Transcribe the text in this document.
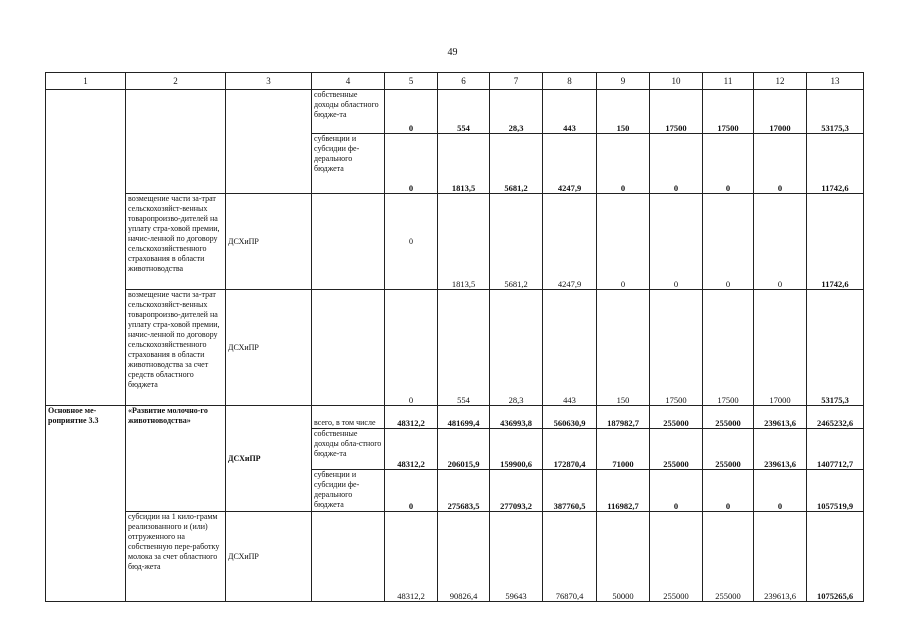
49
1	2	3	4	5	6	7	8	9	10	11	12	13
			собственные доходы областного бюдже-та	0	554	28,3	443	150	17500	17500	17000	53175,3
			субвенции и субсидии фе-дерального бюджета	0	1813,5	5681,2	4247,9	0	0	0	0	11742,6
	возмещение части за-трат сельскохозяйст-венных товаропроизво-дителей на уплату стра-ховой премии, начис-ленной по договору сельскохозяйственного страхования в области животноводства	ДСХиПР		0	1813,5	5681,2	4247,9	0	0	0	0	11742,6
	возмещение части за-трат сельскохозяйст-венных товаропроизво-дителей на уплату стра-ховой премии, начис-ленной по договору сельскохозяйственного страхования в области животноводства за счет средств областного бюджета	ДСХиПР		0	554	28,3	443	150	17500	17500	17000	53175,3
Основное ме-роприятие 3.3	«Развитие молочно-го животноводства»	ДСХиПР	всего, в том числе	48312,2	481699,4	436993,8	560630,9	187982,7	255000	255000	239613,6	2465232,6
			собственные доходы обла-стного бюдже-та	48312,2	206015,9	159900,6	172870,4	71000	255000	255000	239613,6	1407712,7
			субвенции и субсидии фе-дерального бюджета	0	275683,5	277093,2	387760,5	116982,7	0	0	0	1057519,9
	субсидии на 1 кило-грамм реализованного и (или) отгруженного на собственную пере-работку молока за счет областного бюд-жета	ДСХиПР		48312,2	90826,4	59643	76870,4	50000	255000	255000	239613,6	1075265,6
